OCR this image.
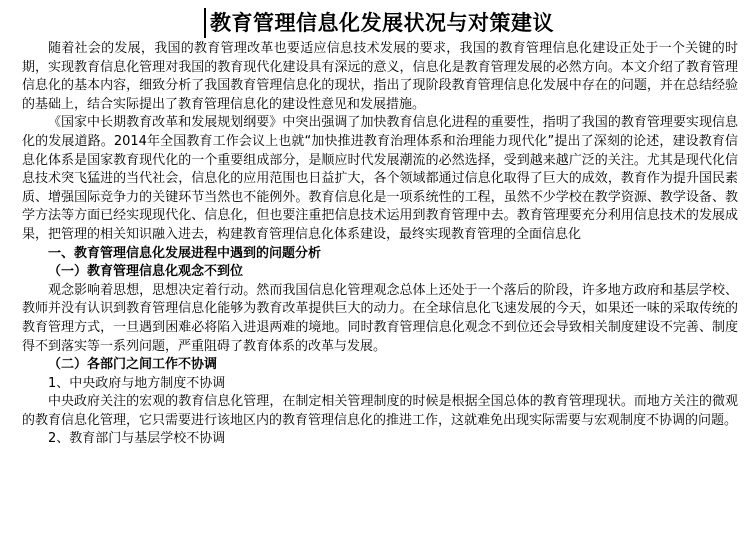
教育管理信息化发展状况与对策建议

随着社会的发展，我国的教育管理改革也要适应信息技术发展的要求，我国的教育管理信息化建设正处于一个关键的时期，实现教育信息化管理对我国的教育现代化建设具有深远的意义，信息化是教育管理发展的必然方向。本文介绍了教育管理信息化的基本内容，细致分析了我国教育管理信息化的现状，指出了现阶段教育管理信息化发展中存在的问题，并在总结经验的基础上，结合实际提出了教育管理信息化的建设性意见和发展措施。

《国家中长期教育改革和发展规划纲要》中突出强调了加快教育信息化进程的重要性，指明了我国的教育管理要实现信息化的发展道路。2014年全国教育工作会议上也就“加快推进教育治理体系和治理能力现代化”提出了深刻的论述，建设教育信息化体系是国家教育现代化的一个重要组成部分，是顺应时代发展潮流的必然选择，受到越来越广泛的关注。尤其是现代化信息技术突飞猛进的当代社会，信息化的应用范围也日益扩大，各个领域都通过信息化取得了巨大的成效，教育作为提升国民素质、增强国际竞争力的关键环节当然也不能例外。教育信息化是一项系统性的工程，虽然不少学校在教学资源、教学设备、教学方法等方面已经实现现代化、信息化，但也要注重把信息技术运用到教育管理中去。教育管理要充分利用信息技术的发展成果，把管理的相关知识融入进去，构建教育管理信息化体系建设，最终实现教育管理的全面信息化

一、教育管理信息化发展进程中遇到的问题分析
（一）教育管理信息化观念不到位

观念影响着思想，思想决定着行动。然而我国信息化管理观念总体上还处于一个落后的阶段，许多地方政府和基层学校、教师并没有认识到教育管理信息化能够为教育改革提供巨大的动力。在全球信息化飞速发展的今天，如果还一味的采取传统的教育管理方式，一旦遇到困难必将陷入进退两难的境地。同时教育管理信息化观念不到位还会导致相关制度建设不完善、制度得不到落实等一系列问题，严重阻碍了教育体系的改革与发展。

（二）各部门之间工作不协调
1、中央政府与地方制度不协调

中央政府关注的宏观的教育信息化管理，在制定相关管理制度的时候是根据全国总体的教育管理现状。而地方关注的微观的教育信息化管理，它只需要进行该地区内的教育管理信息化的推进工作，这就难免出现实际需要与宏观制度不协调的问题。

2、教育部门与基层学校不协调
